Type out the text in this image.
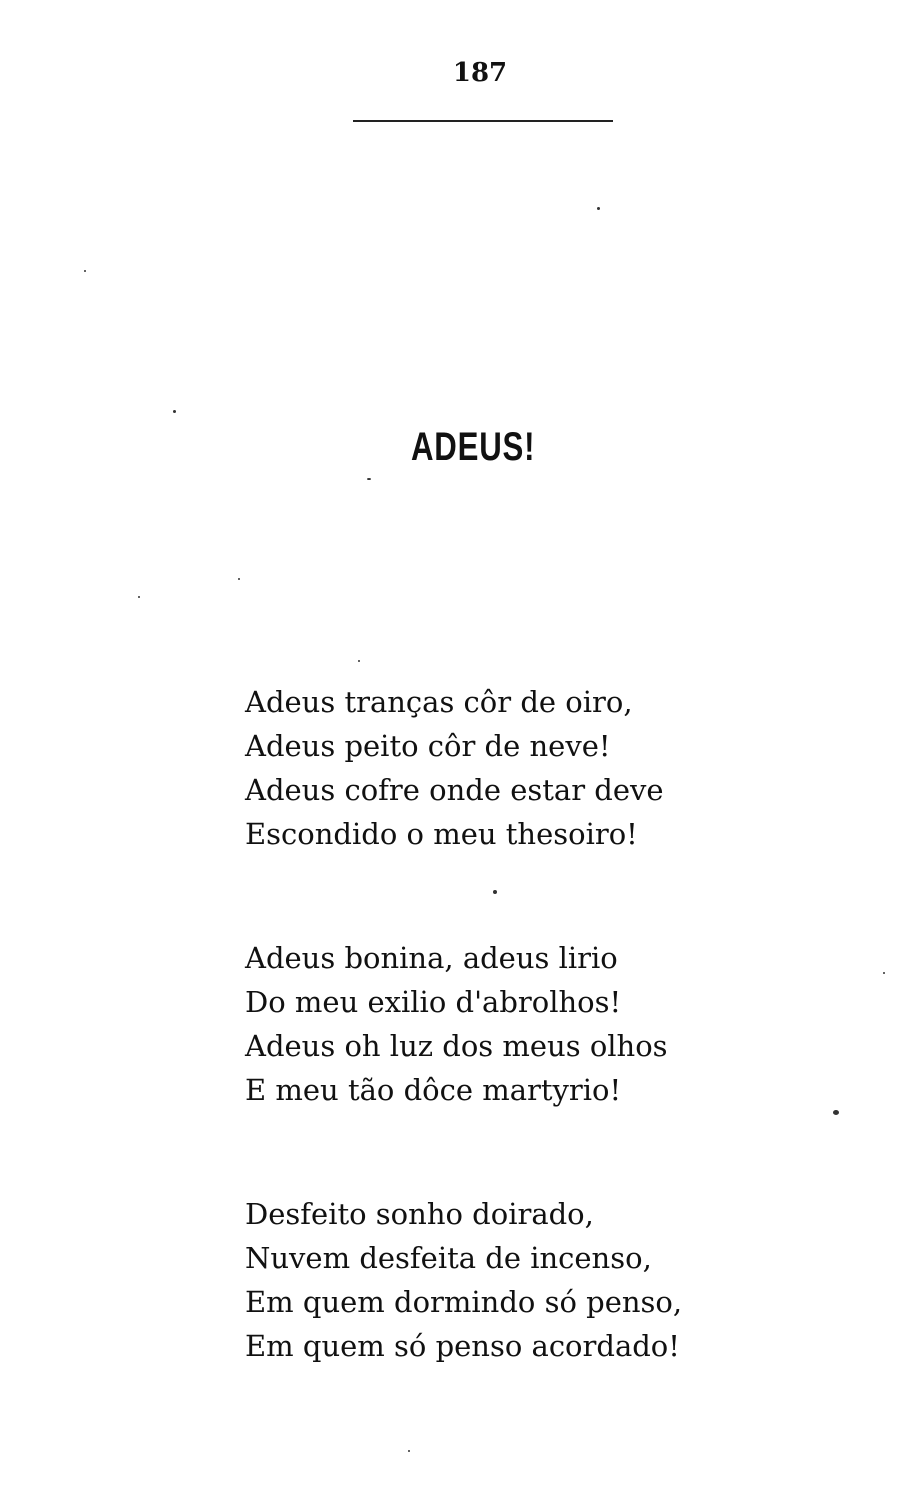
187
ADEUS!
Adeus tranças côr de oiro,
Adeus peito côr de neve!
Adeus cofre onde estar deve
Escondido o meu thesoiro!
Adeus bonina, adeus lirio
Do meu exilio d'abrolhos!
Adeus oh luz dos meus olhos
E meu tão dôce martyrio!
Desfeito sonho doirado,
Nuvem desfeita de incenso,
Em quem dormindo só penso,
Em quem só penso acordado!
